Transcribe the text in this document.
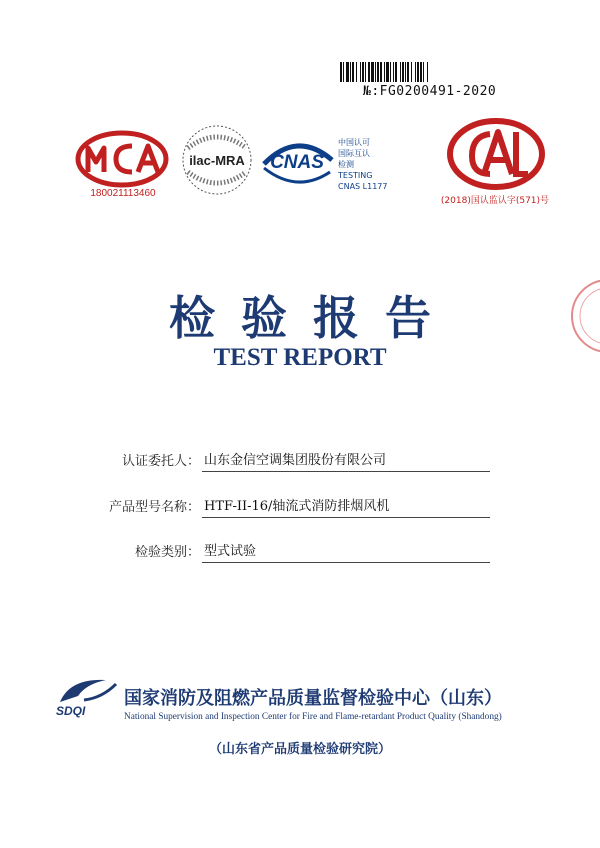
№:FG0200491-2020
180021113460
ilac-MRA CNAS
中国认可
国际互认
检测
TESTING
CNAS L1177
(2018)国认监认字(571)号
检验报告
TEST REPORT
认证委托人： 山东金信空调集团股份有限公司
产品型号名称： HTF-II-16/轴流式消防排烟风机
检验类别： 型式试验
SDQI
国家消防及阻燃产品质量监督检验中心（山东）
National Supervision and Inspection Center for Fire and Flame-retardant Product Quality (Shandong)
（山东省产品质量检验研究院）
